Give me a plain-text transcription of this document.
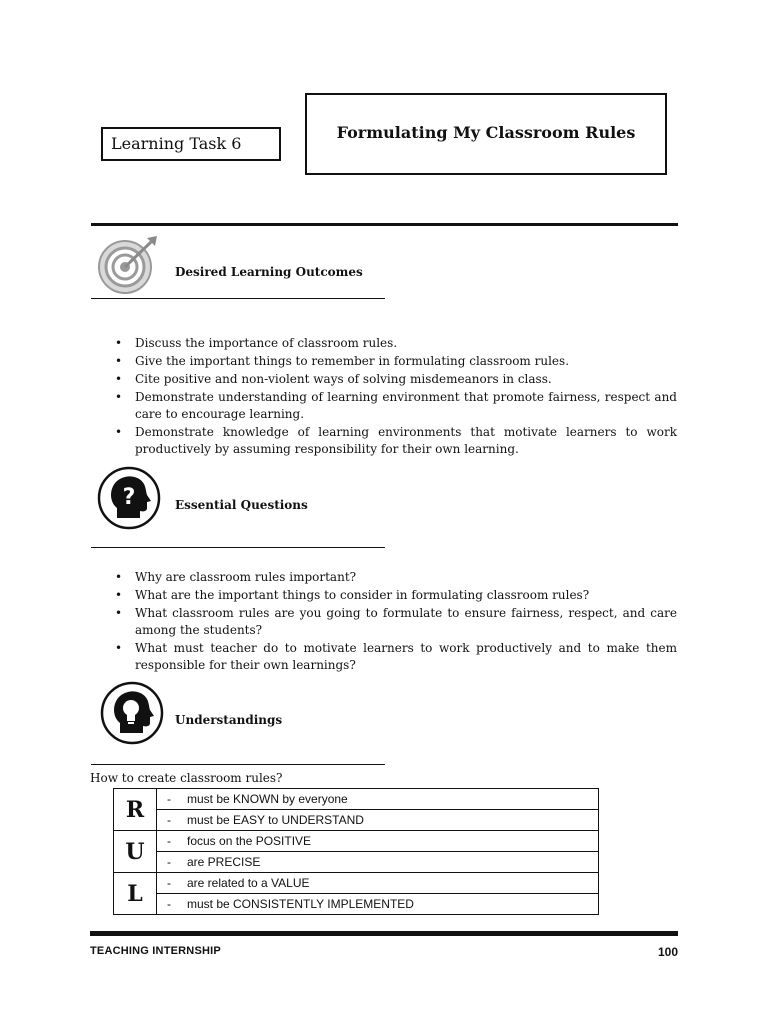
Learning Task 6
Formulating My Classroom Rules
Desired Learning Outcomes
• Discuss the importance of classroom rules.
• Give the important things to remember in formulating classroom rules.
• Cite positive and non-violent ways of solving misdemeanors in class.
• Demonstrate understanding of learning environment that promote fairness, respect and care to encourage learning.
• Demonstrate knowledge of learning environments that motivate learners to work productively by assuming responsibility for their own learning.
?	Essential Questions
• Why are classroom rules important?
• What are the important things to consider in formulating classroom rules?
• What classroom rules are you going to formulate to ensure fairness, respect, and care among the students?
• What must teacher do to motivate learners to work productively and to make them responsible for their own learnings?
Understandings
How to create classroom rules?
R	- must be KNOWN by everyone
	- must be EASY to UNDERSTAND
U	- focus on the POSITIVE
	- are PRECISE
L	- are related to a VALUE
	- must be CONSISTENTLY IMPLEMENTED
TEACHING INTERNSHIP	100
